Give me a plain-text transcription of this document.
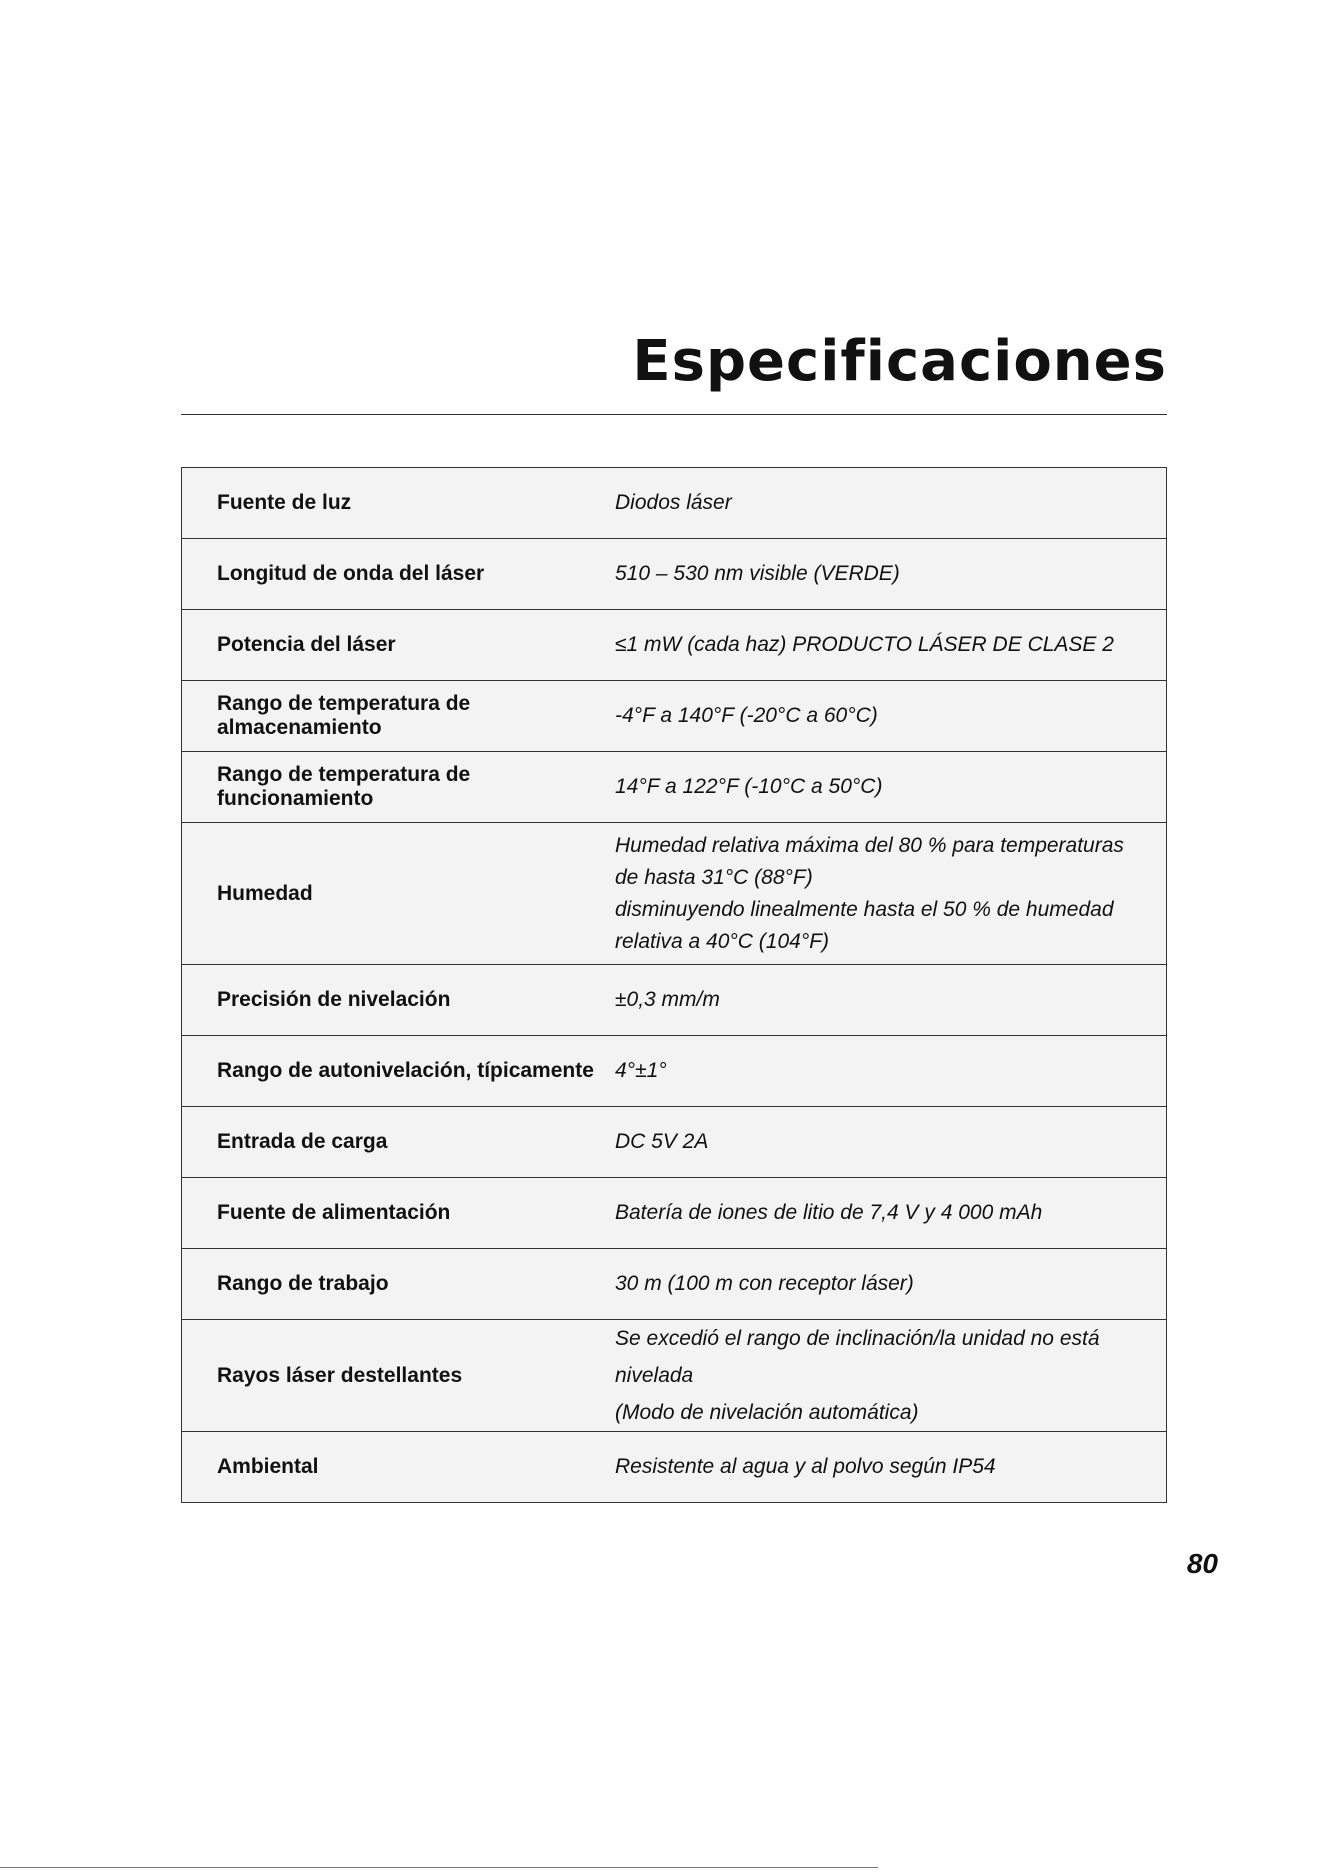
Especificaciones
Fuente de luz	Diodos láser
Longitud de onda del láser	510 – 530 nm visible (VERDE)
Potencia del láser	≤1 mW (cada haz) PRODUCTO LÁSER DE CLASE 2
Rango de temperatura de almacenamiento	-4°F a 140°F (-20°C a 60°C)
Rango de temperatura de funcionamiento	14°F a 122°F (-10°C a 50°C)
Humedad	Humedad relativa máxima del 80 % para temperaturas
de hasta 31°C (88°F)
disminuyendo linealmente hasta el 50 % de humedad
relativa a 40°C (104°F)

Precisión de nivelación	±0,3 mm/m
Rango de autonivelación, típicamente	4°±1°
Entrada de carga	DC 5V 2A
Fuente de alimentación	Batería de iones de litio de 7,4 V y 4 000 mAh
Rango de trabajo	30 m (100 m con receptor láser)
Rayos láser destellantes	Se excedió el rango de inclinación/la unidad no está nivelada
(Modo de nivelación automática)

Ambiental	Resistente al agua y al polvo según IP54
80
